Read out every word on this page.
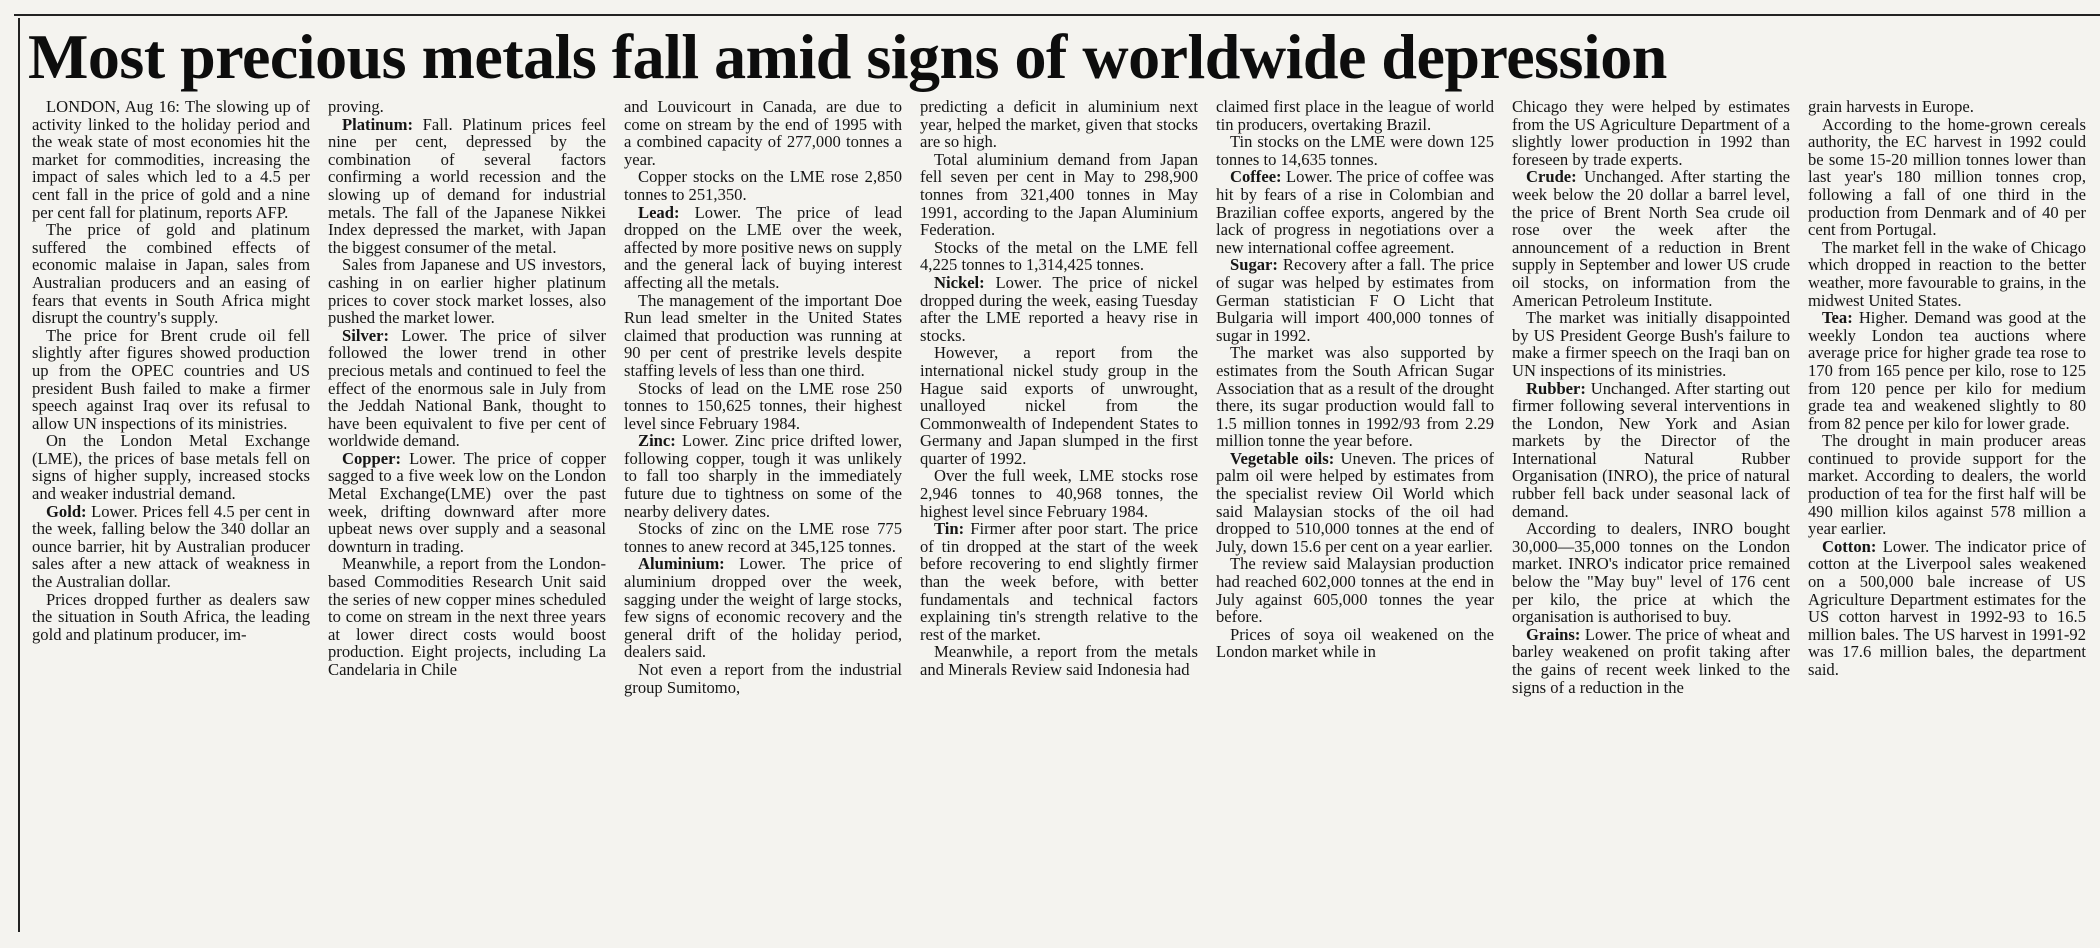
Most precious metals fall amid signs of worldwide depression

LONDON, Aug 16: The slowing up of activity linked to the holiday period and the weak state of most economies hit the market for commodities, increasing the impact of sales which led to a 4.5 per cent fall in the price of gold and a nine per cent fall for platinum, reports AFP.

The price of gold and platinum suffered the combined effects of economic malaise in Japan, sales from Australian producers and an easing of fears that events in South Africa might disrupt the country's supply.

The price for Brent crude oil fell slightly after figures showed production up from the OPEC countries and US president Bush failed to make a firmer speech against Iraq over its refusal to allow UN inspections of its ministries.

On the London Metal Exchange (LME), the prices of base metals fell on signs of higher supply, increased stocks and weaker industrial demand.

Gold: Lower. Prices fell 4.5 per cent in the week, falling below the 340 dollar an ounce barrier, hit by Australian producer sales after a new attack of weakness in the Australian dollar.

Prices dropped further as dealers saw the situation in South Africa, the leading gold and platinum producer, im-

proving.

Platinum: Fall. Platinum prices feel nine per cent, depressed by the combination of several factors confirming a world recession and the slowing up of demand for industrial metals. The fall of the Japanese Nikkei Index depressed the market, with Japan the biggest consumer of the metal.

Sales from Japanese and US investors, cashing in on earlier higher platinum prices to cover stock market losses, also pushed the market lower.

Silver: Lower. The price of silver followed the lower trend in other precious metals and continued to feel the effect of the enormous sale in July from the Jeddah National Bank, thought to have been equivalent to five per cent of worldwide demand.

Copper: Lower. The price of copper sagged to a five week low on the London Metal Exchange(LME) over the past week, drifting downward after more upbeat news over supply and a seasonal downturn in trading.

Meanwhile, a report from the London-based Commodities Research Unit said the series of new copper mines scheduled to come on stream in the next three years at lower direct costs would boost production. Eight projects, including La Candelaria in Chile

and Louvicourt in Canada, are due to come on stream by the end of 1995 with a combined capacity of 277,000 tonnes a year.

Copper stocks on the LME rose 2,850 tonnes to 251,350.

Lead: Lower. The price of lead dropped on the LME over the week, affected by more positive news on supply and the general lack of buying interest affecting all the metals.

The management of the important Doe Run lead smelter in the United States claimed that production was running at 90 per cent of prestrike levels despite staffing levels of less than one third.

Stocks of lead on the LME rose 250 tonnes to 150,625 tonnes, their highest level since February 1984.

Zinc: Lower. Zinc price drifted lower, following copper, tough it was unlikely to fall too sharply in the immediately future due to tightness on some of the nearby delivery dates.

Stocks of zinc on the LME rose 775 tonnes to anew record at 345,125 tonnes.

Aluminium: Lower. The price of aluminium dropped over the week, sagging under the weight of large stocks, few signs of economic recovery and the general drift of the holiday period, dealers said.

Not even a report from the industrial group Sumitomo,

predicting a deficit in aluminium next year, helped the market, given that stocks are so high.

Total aluminium demand from Japan fell seven per cent in May to 298,900 tonnes from 321,400 tonnes in May 1991, according to the Japan Aluminium Federation.

Stocks of the metal on the LME fell 4,225 tonnes to 1,314,425 tonnes.

Nickel: Lower. The price of nickel dropped during the week, easing Tuesday after the LME reported a heavy rise in stocks.

However, a report from the international nickel study group in the Hague said exports of unwrought, unalloyed nickel from the Commonwealth of Independent States to Germany and Japan slumped in the first quarter of 1992.

Over the full week, LME stocks rose 2,946 tonnes to 40,968 tonnes, the highest level since February 1984.

Tin: Firmer after poor start. The price of tin dropped at the start of the week before recovering to end slightly firmer than the week before, with better fundamentals and technical factors explaining tin's strength relative to the rest of the market.

Meanwhile, a report from the metals and Minerals Review said Indonesia had

claimed first place in the league of world tin producers, overtaking Brazil.

Tin stocks on the LME were down 125 tonnes to 14,635 tonnes.

Coffee: Lower. The price of coffee was hit by fears of a rise in Colombian and Brazilian coffee exports, angered by the lack of progress in negotiations over a new international coffee agreement.

Sugar: Recovery after a fall. The price of sugar was helped by estimates from German statistician F O Licht that Bulgaria will import 400,000 tonnes of sugar in 1992.

The market was also supported by estimates from the South African Sugar Association that as a result of the drought there, its sugar production would fall to 1.5 million tonnes in 1992/93 from 2.29 million tonne the year before.

Vegetable oils: Uneven. The prices of palm oil were helped by estimates from the specialist review Oil World which said Malaysian stocks of the oil had dropped to 510,000 tonnes at the end of July, down 15.6 per cent on a year earlier.

The review said Malaysian production had reached 602,000 tonnes at the end in July against 605,000 tonnes the year before.

Prices of soya oil weakened on the London market while in

Chicago they were helped by estimates from the US Agriculture Department of a slightly lower production in 1992 than foreseen by trade experts.

Crude: Unchanged. After starting the week below the 20 dollar a barrel level, the price of Brent North Sea crude oil rose over the week after the announcement of a reduction in Brent supply in September and lower US crude oil stocks, on information from the American Petroleum Institute.

The market was initially disappointed by US President George Bush's failure to make a firmer speech on the Iraqi ban on UN inspections of its ministries.

Rubber: Unchanged. After starting out firmer following several interventions in the London, New York and Asian markets by the Director of the International Natural Rubber Organisation (INRO), the price of natural rubber fell back under seasonal lack of demand.

According to dealers, INRO bought 30,000—35,000 tonnes on the London market. INRO's indicator price remained below the "May buy" level of 176 cent per kilo, the price at which the organisation is authorised to buy.

Grains: Lower. The price of wheat and barley weakened on profit taking after the gains of recent week linked to the signs of a reduction in the

grain harvests in Europe.

According to the home-grown cereals authority, the EC harvest in 1992 could be some 15-20 million tonnes lower than last year's 180 million tonnes crop, following a fall of one third in the production from Denmark and of 40 per cent from Portugal.

The market fell in the wake of Chicago which dropped in reaction to the better weather, more favourable to grains, in the midwest United States.

Tea: Higher. Demand was good at the weekly London tea auctions where average price for higher grade tea rose to 170 from 165 pence per kilo, rose to 125 from 120 pence per kilo for medium grade tea and weakened slightly to 80 from 82 pence per kilo for lower grade.

The drought in main producer areas continued to provide support for the market. According to dealers, the world production of tea for the first half will be 490 million kilos against 578 million a year earlier.

Cotton: Lower. The indicator price of cotton at the Liverpool sales weakened on a 500,000 bale increase of US Agriculture Department estimates for the US cotton harvest in 1992-93 to 16.5 million bales. The US harvest in 1991-92 was 17.6 million bales, the department said.
